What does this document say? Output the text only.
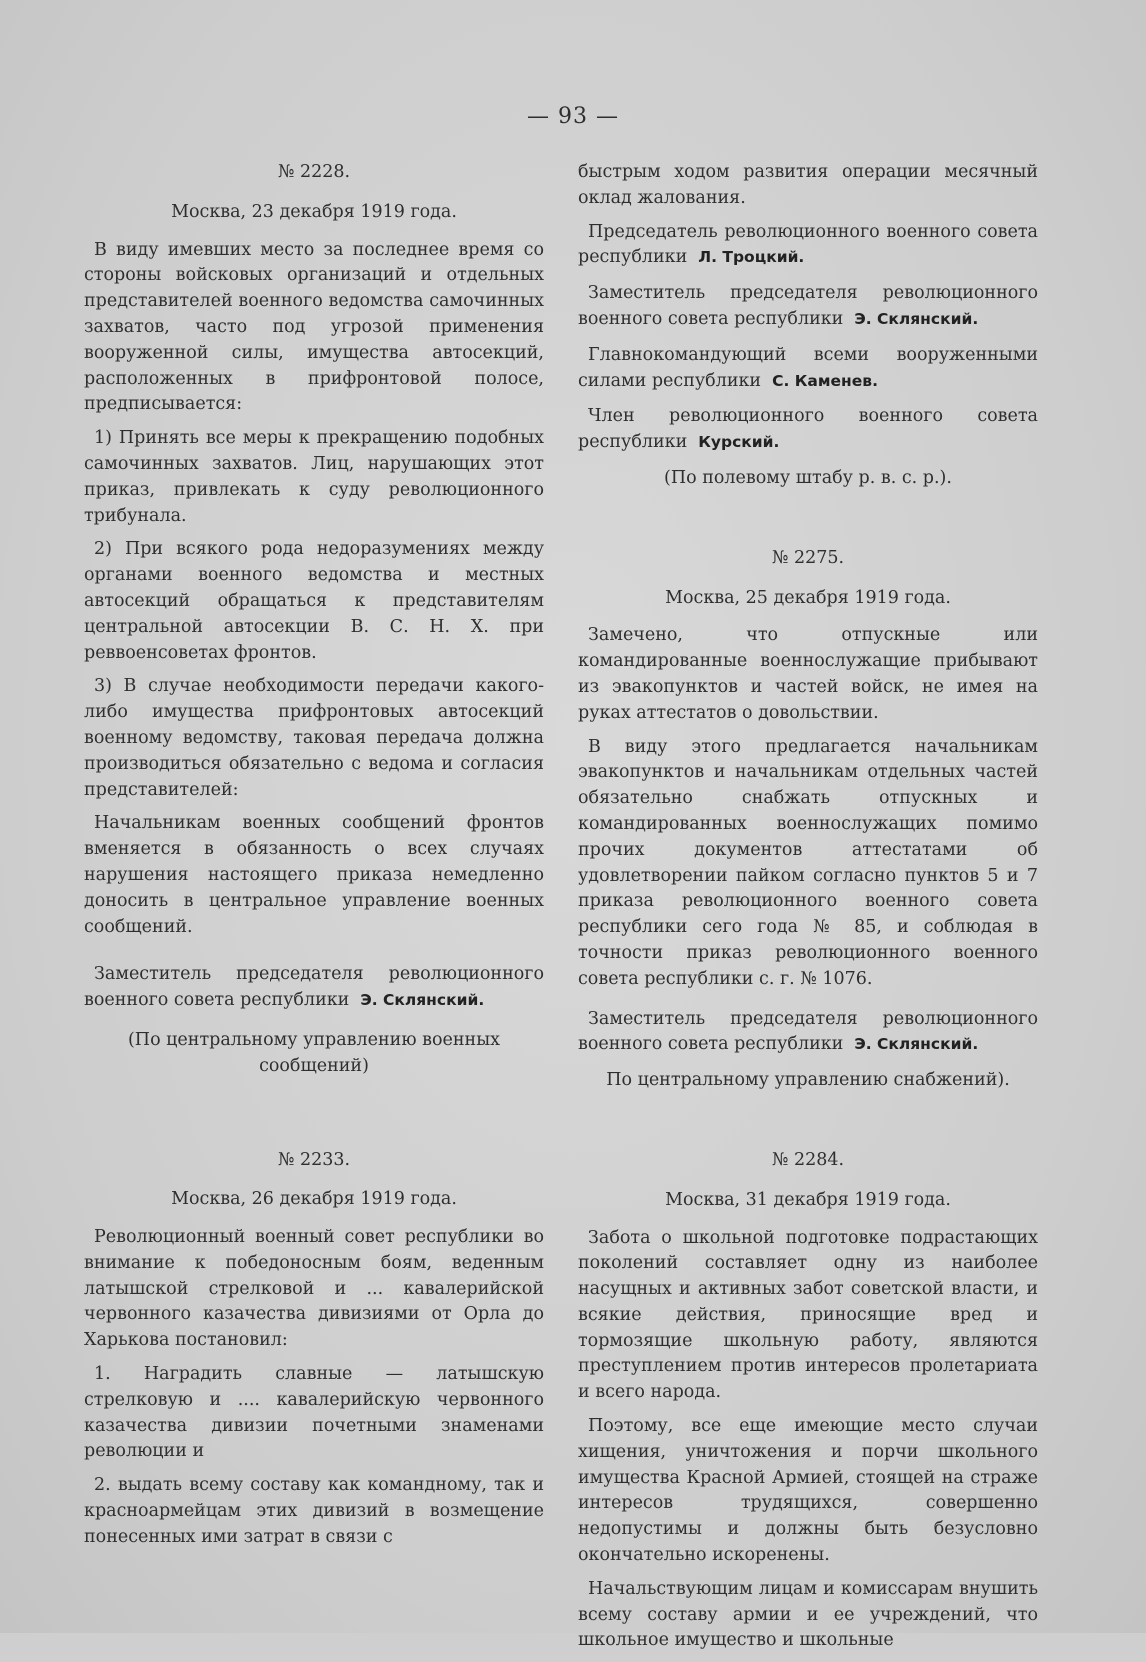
— 93 —

№ 2228.

Москва, 23 декабря 1919 года.

В виду имевших место за последнее время со стороны войсковых организаций и отдельных представителей военного ведомства самочинных захватов, часто под угрозой применения вооруженной силы, имущества автосекций, расположенных в прифронтовой полосе, предписывается:

1) Принять все меры к прекращению подобных самочинных захватов. Лиц, нарушающих этот приказ, привлекать к суду революционного трибунала.

2) При всякого рода недоразумениях между органами военного ведомства и местных автосекций обращаться к представителям центральной автосекции В. С. Н. Х. при реввоенсоветах фронтов.

3) В случае необходимости передачи какого-либо имущества прифронтовых автосекций военному ведомству, таковая передача должна производиться обязательно с ведома и согласия представителей:

Начальникам военных сообщений фронтов вменяется в обязанность о всех случаях нарушения настоящего приказа немедленно доносить в центральное управление военных сообщений.

Заместитель председателя революционного военного совета республики  Э. Склянский.

(По центральному управлению военных сообщений)

№ 2233.

Москва, 26 декабря 1919 года.

Революционный военный совет республики во внимание к победоносным боям, веденным латышской стрелковой и ... кавалерийской червонного казачества дивизиями от Орла до Харькова постановил:

1. Наградить славные — латышскую стрелковую и .... кавалерийскую червонного казачества дивизии почетными знаменами революции и

2. выдать всему составу как командному, так и красноармейцам этих дивизий в возмещение понесенных ими затрат в связи с

быстрым ходом развития операции месячный оклад жалования.

Председатель революционного военного совета республики  Л. Троцкий.

Заместитель председателя революционного военного совета республики  Э. Склянский.

Главнокомандующий всеми вооруженными силами республики  С. Каменев.

Член революционного военного совета республики  Курский.

(По полевому штабу р. в. с. р.).

№ 2275.

Москва, 25 декабря 1919 года.

Замечено, что отпускные или командированные военнослужащие прибывают из эвакопунктов и частей войск, не имея на руках аттестатов о довольствии.

В виду этого предлагается начальникам эвакопунктов и начальникам отдельных частей обязательно снабжать отпускных и командированных военнослужащих помимо прочих документов аттестатами об удовлетворении пайком согласно пунктов 5 и 7 приказа революционного военного совета республики сего года № 85, и соблюдая в точности приказ революционного военного совета республики с. г. № 1076.

Заместитель председателя революционного военного совета республики  Э. Склянский.

По центральному управлению снабжений).

№ 2284.

Москва, 31 декабря 1919 года.

Забота о школьной подготовке подрастающих поколений составляет одну из наиболее насущных и активных забот советской власти, и всякие действия, приносящие вред и тормозящие школьную работу, являются преступлением против интересов пролетариата и всего народа.

Поэтому, все еще имеющие место случаи хищения, уничтожения и порчи школьного имущества Красной Армией, стоящей на страже интересов трудящихся, совершенно недопустимы и должны быть безусловно окончательно искоренены.

Начальствующим лицам и комиссарам внушить всему составу армии и ее учреждений, что школьное имущество и школьные
